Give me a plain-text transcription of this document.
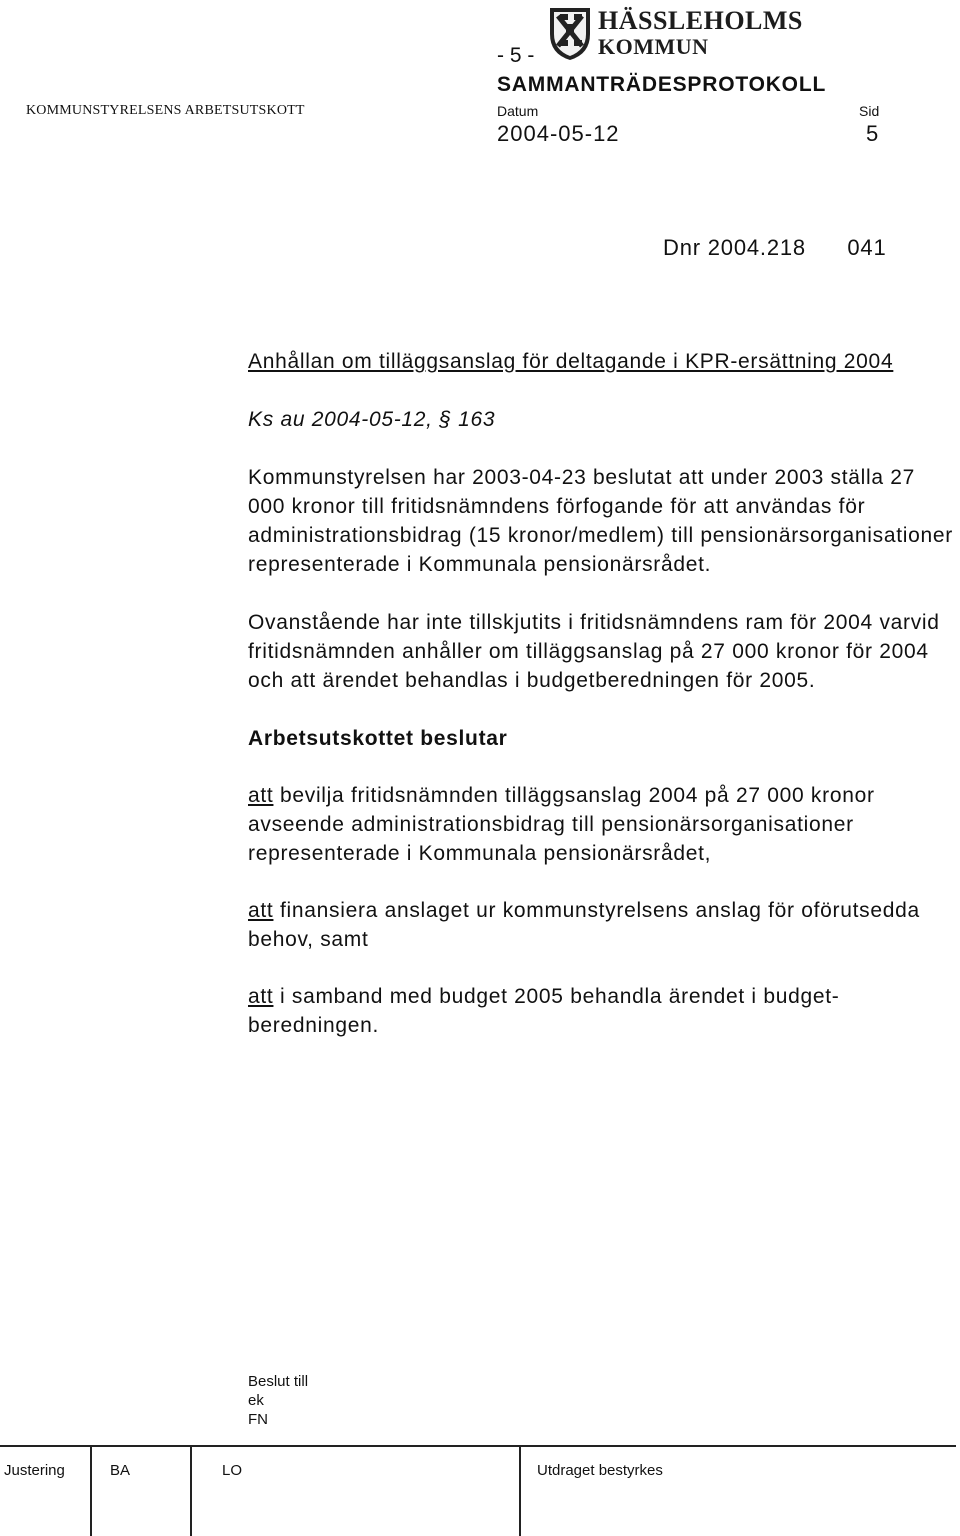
HÄSSLEHOLMS
KOMMUN
- 5 -
SAMMANTRÄDESPROTOKOLL
KOMMUNSTYRELSENS ARBETSUTSKOTT	Datum	Sid
2004-05-12	5
Dnr 2004.218      041

Anhållan om tilläggsanslag för deltagande i KPR-ersättning 2004

Ks au 2004-05-12, § 163

Kommunstyrelsen har 2003-04-23 beslutat att under 2003 ställa 27 000 kronor till fritidsnämndens förfogande för att användas för administrationsbidrag (15 kronor/medlem) till pensionärsorganisationer representerade i Kommunala pensionärsrådet.

Ovanstående har inte tillskjutits i fritidsnämndens ram för 2004 varvid fritidsnämnden anhåller om tilläggsanslag på 27 000 kronor för 2004 och att ärendet behandlas i budgetberedningen för 2005.

Arbetsutskottet beslutar

att bevilja fritidsnämnden tilläggsanslag 2004 på 27 000 kronor avseende administrationsbidrag till pensionärsorganisationer representerade i Kommunala pensionärsrådet,

att finansiera anslaget ur kommunstyrelsens anslag för oförutsedda behov, samt

att i samband med budget 2005 behandla ärendet i budgetberedningen.

Beslut till
ek
FN
Justering	BA	LO	Utdraget bestyrkes
